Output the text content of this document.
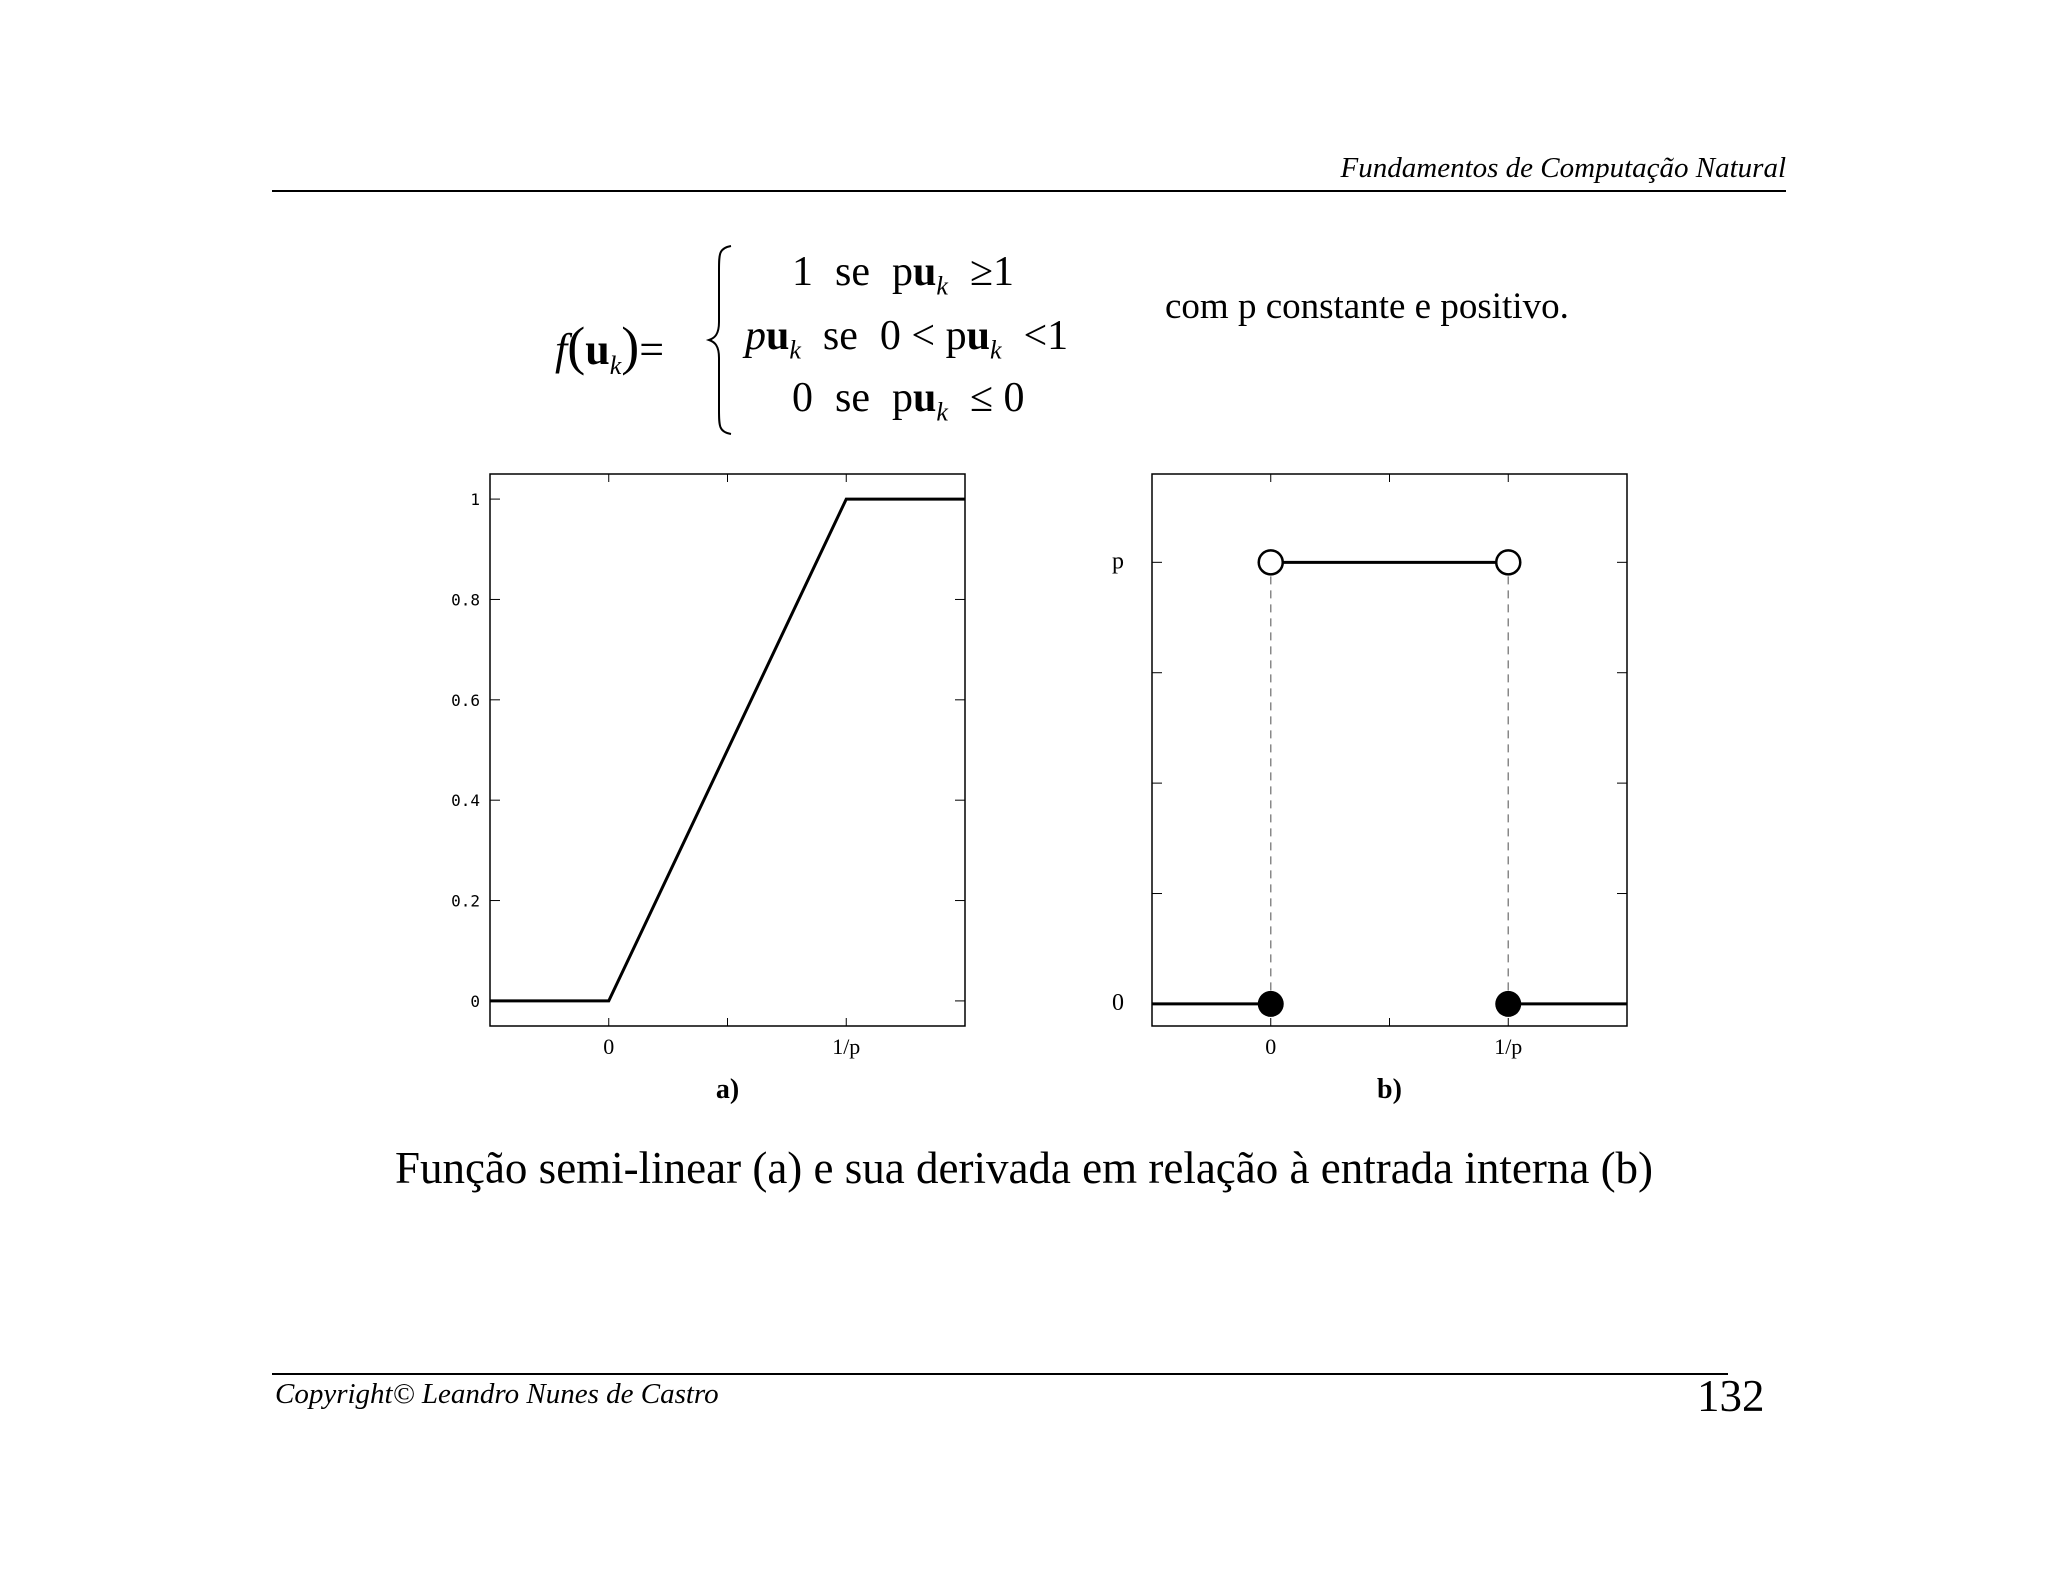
Fundamentos de Computação Natural
$f(u_k)=$
1 se $pu_k \ge 1$
$pu_k$ se $0 < pu_k <1$
0 se $pu_k \le 0$
com p constante e positivo.
0
0.2
0.4
0.6
0.8
1
0	1/p
a)
0
p
0	1/p
b)
Função semi-linear (a) e sua derivada em relação à entrada interna (b)
Copyright© Leandro Nunes de Castro	132
